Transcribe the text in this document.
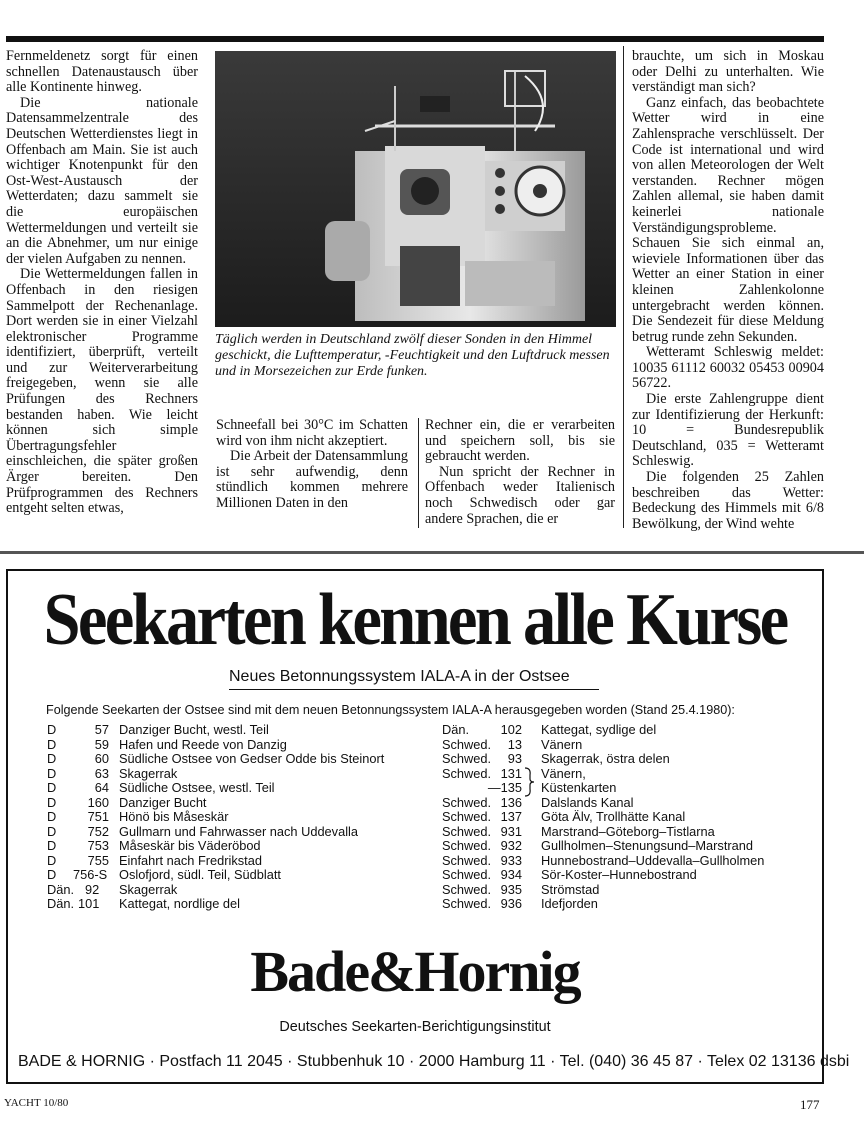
Fernmeldenetz sorgt für einen schnellen Datenaustausch über alle Kontinente hinweg.

Die nationale Datensammelzentrale des Deutschen Wetterdienstes liegt in Offenbach am Main. Sie ist auch wichtiger Knotenpunkt für den Ost-West-Austausch der Wetterdaten; dazu sammelt sie die europäischen Wettermeldungen und verteilt sie an die Abnehmer, um nur einige der vielen Aufgaben zu nennen.

Die Wettermeldungen fallen in Offenbach in den riesigen Sammelpott der Rechenanlage. Dort werden sie in einer Vielzahl elektronischer Programme identifiziert, überprüft, verteilt und zur Weiterverarbeitung freigegeben, wenn sie alle Prüfungen des Rechners bestanden haben. Wie leicht können sich simple Übertragungsfehler einschleichen, die später großen Ärger bereiten. Den Prüfprogrammen des Rechners entgeht selten etwas,

Täglich werden in Deutschland zwölf dieser Sonden in den Himmel geschickt, die Lufttemperatur, -Feuchtigkeit und den Luftdruck messen und in Morsezeichen zur Erde funken.

Schneefall bei 30°C im Schatten wird von ihm nicht akzeptiert.

Die Arbeit der Datensammlung ist sehr aufwendig, denn stündlich kommen mehrere Millionen Daten in den

Rechner ein, die er verarbeiten und speichern soll, bis sie gebraucht werden.

Nun spricht der Rechner in Offenbach weder Italienisch noch Schwedisch oder gar andere Sprachen, die er

brauchte, um sich in Moskau oder Delhi zu unterhalten. Wie verständigt man sich?

Ganz einfach, das beobachtete Wetter wird in eine Zahlensprache verschlüsselt. Der Code ist international und wird von allen Meteorologen der Welt verstanden. Rechner mögen Zahlen allemal, sie haben damit keinerlei nationale Verständigungsprobleme. Schauen Sie sich einmal an, wieviele Informationen über das Wetter an einer Station in einer kleinen Zahlenkolonne untergebracht werden können. Die Sendezeit für diese Meldung betrug runde zehn Sekunden.

Wetteramt Schleswig meldet: 10035 61112 60032 05453 00904 56722.

Die erste Zahlengruppe dient zur Identifizierung der Herkunft: 10 = Bundesrepublik Deutschland, 035 = Wetteramt Schleswig.

Die folgenden 25 Zahlen beschreiben das Wetter: Bedeckung des Himmels mit 6/8 Bewölkung, der Wind wehte

Seekarten kennen alle Kurse
Neues Betonnungssystem IALA-A in der Ostsee
Folgende Seekarten der Ostsee sind mit dem neuen Betonnungssystem IALA-A herausgegeben worden (Stand 25.4.1980):
D	57 Danziger Bucht, westl. Teil
D	59 Hafen und Reede von Danzig
D	60 Südliche Ostsee von Gedser Odde bis Steinort
D	63 Skagerrak
D	64 Südliche Ostsee, westl. Teil
D 160 Danziger Bucht
D 751 Hönö bis Måseskär
D 752 Gullmarn und Fahrwasser nach Uddevalla
D 753 Måseskär bis Väderöbod
D 755 Einfahrt nach Fredrikstad
D 756-S Oslofjord, südl. Teil, Südblatt
Dän. 92 Skagerrak
Dän. 101 Kattegat, nordlige del
Dän. 102 Kattegat, sydlige del
Schwed. 13 Vänern
Schwed. 93 Skagerrak, östra delen
Schwed. 131 Vänern,
—135 Küstenkarten
Schwed. 136 Dalslands Kanal
Schwed. 137 Göta Älv, Trollhätte Kanal
Schwed. 931 Marstrand–Göteborg–Tistlarna
Schwed. 932 Gullholmen–Stenungsund–Marstrand
Schwed. 933 Hunnebostrand–Uddevalla–Gullholmen
Schwed. 934 Sör-Koster–Hunnebostrand
Schwed. 935 Strömstad
Schwed. 936 Idefjorden
Bade&Hornig
Deutsches Seekarten-Berichtigungsinstitut
BADE & HORNIG · Postfach 11 2045 · Stubbenhuk 10 · 2000 Hamburg 11 · Tel. (040) 36 45 87 · Telex 02 13136 dsbi
YACHT 10/80	177
